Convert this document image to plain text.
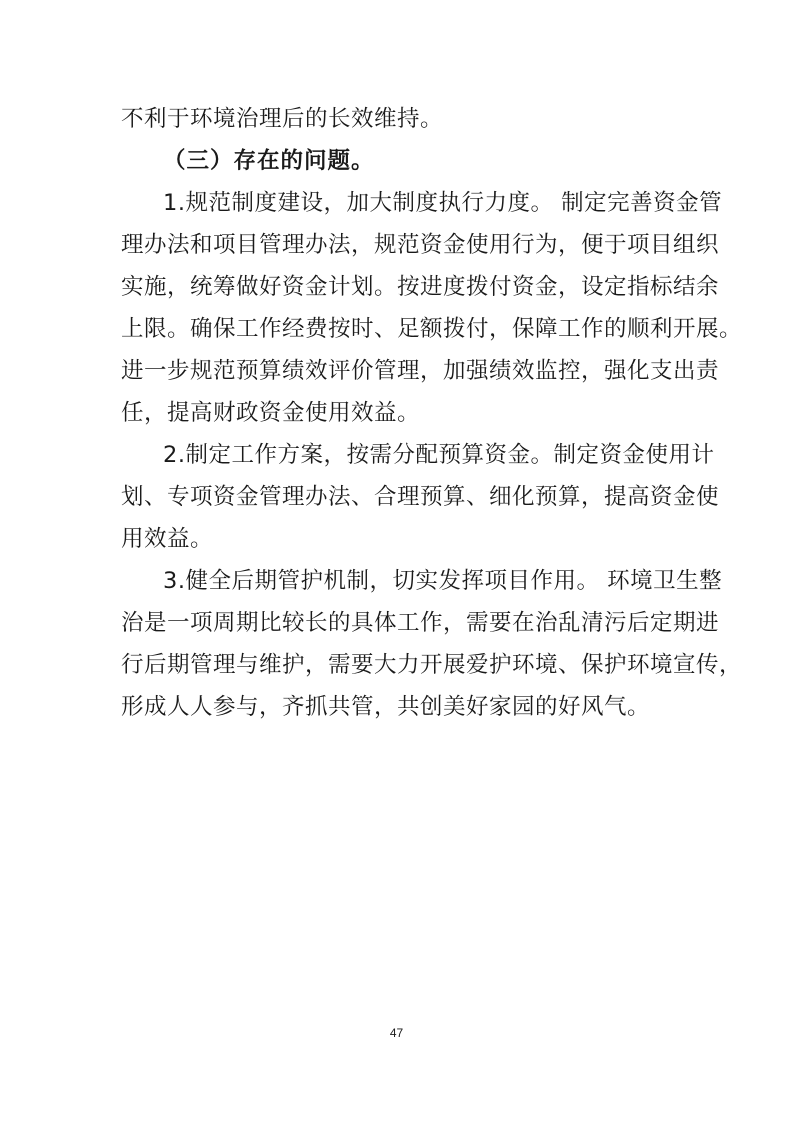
不利于环境治理后的长效维持。
（三）存在的问题。
1.规范制度建设，加大制度执行力度。 制定完善资金管
理办法和项目管理办法，规范资金使用行为，便于项目组织
实施，统筹做好资金计划。按进度拨付资金，设定指标结余
上限。确保工作经费按时、足额拨付，保障工作的顺利开展。
进一步规范预算绩效评价管理，加强绩效监控，强化支出责
任，提高财政资金使用效益。
2.制定工作方案，按需分配预算资金。制定资金使用计
划、专项资金管理办法、合理预算、细化预算，提高资金使
用效益。
3.健全后期管护机制，切实发挥项目作用。 环境卫生整
治是一项周期比较长的具体工作，需要在治乱清污后定期进
行后期管理与维护，需要大力开展爱护环境、保护环境宣传，
形成人人参与，齐抓共管，共创美好家园的好风气。
47
